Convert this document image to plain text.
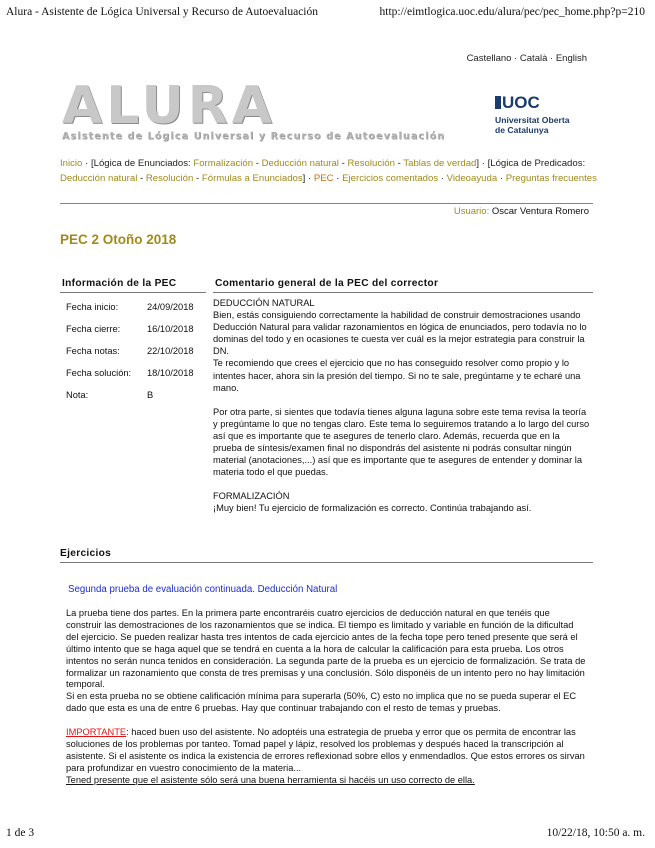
Alura - Asistente de Lógica Universal y Recurso de Autoevaluación	http://eimtlogica.uoc.edu/alura/pec/pec_home.php?p=210
Castellano · Català · English
ALURA
Asistente de Lógica Universal y Recurso de Autoevaluación
UOC
Universitat Oberta
de Catalunya
Inicio · [Lógica de Enunciados: Formalización - Deducción natural - Resolución - Tablas de verdad] · [Lógica de Predicados: Deducción natural - Resolución - Fórmulas a Enunciados] · PEC · Ejercicios comentados · Videoayuda · Preguntas frecuentes
Usuario: Oscar Ventura Romero
PEC 2 Otoño 2018
Información de la PEC	Comentario general de la PEC del corrector
Fecha inicio:	24/09/2018
Fecha cierre:	16/10/2018
Fecha notas:	22/10/2018
Fecha solución:	18/10/2018
Nota:	B

DEDUCCIÓN NATURAL

Bien, estás consiguiendo correctamente la habilidad de construir demostraciones usando Deducción Natural para validar razonamientos en lógica de enunciados, pero todavía no lo dominas del todo y en ocasiones te cuesta ver cuál es la mejor estrategia para construir la DN.

Te recomiendo que crees el ejercicio que no has conseguido resolver como propio y lo intentes hacer, ahora sin la presión del tiempo. Si no te sale, pregúntame y te echaré una mano.

Por otra parte, si sientes que todavía tienes alguna laguna sobre este tema revisa la teoría y pregúntame lo que no tengas claro. Este tema lo seguiremos tratando a lo largo del curso así que es importante que te asegures de tenerlo claro. Además, recuerda que en la prueba de síntesis/examen final no dispondrás del asistente ni podrás consultar ningún material (anotaciones,...) así que es importante que te asegures de entender y dominar la materia todo el que puedas.

FORMALIZACIÓN

¡Muy bien! Tu ejercicio de formalización es correcto. Continúa trabajando así.

Ejercicios
Segunda prueba de evaluación continuada. Deducción Natural

La prueba tiene dos partes. En la primera parte encontraréis cuatro ejercicios de deducción natural en que tenéis que construir las demostraciones de los razonamientos que se indica. El tiempo es limitado y variable en función de la dificultad del ejercicio. Se pueden realizar hasta tres intentos de cada ejercicio antes de la fecha tope pero tened presente que será el último intento que se haga aquel que se tendrá en cuenta a la hora de calcular la calificación para esta prueba. Los otros intentos no serán nunca tenidos en consideración. La segunda parte de la prueba es un ejercicio de formalización. Se trata de formalizar un razonamiento que consta de tres premisas y una conclusión. Sólo disponéis de un intento pero no hay limitación temporal.

Si en esta prueba no se obtiene calificación mínima para superarla (50%, C) esto no implica que no se pueda superar el EC dado que esta es una de entre 6 pruebas. Hay que continuar trabajando con el resto de temas y pruebas.

IMPORTANTE: haced buen uso del asistente. No adoptéis una estrategia de prueba y error que os permita de encontrar las soluciones de los problemas por tanteo. Tomad papel y lápiz, resolved los problemas y después haced la transcripción al asistente. Si el asistente os indica la existencia de errores reflexionad sobre ellos y enmendadlos. Que estos errores os sirvan para profundizar en vuestro conocimiento de la materia...

Tened presente que el asistente sólo será una buena herramienta si hacéis un uso correcto de ella.

1 de 3	10/22/18, 10:50 a. m.
